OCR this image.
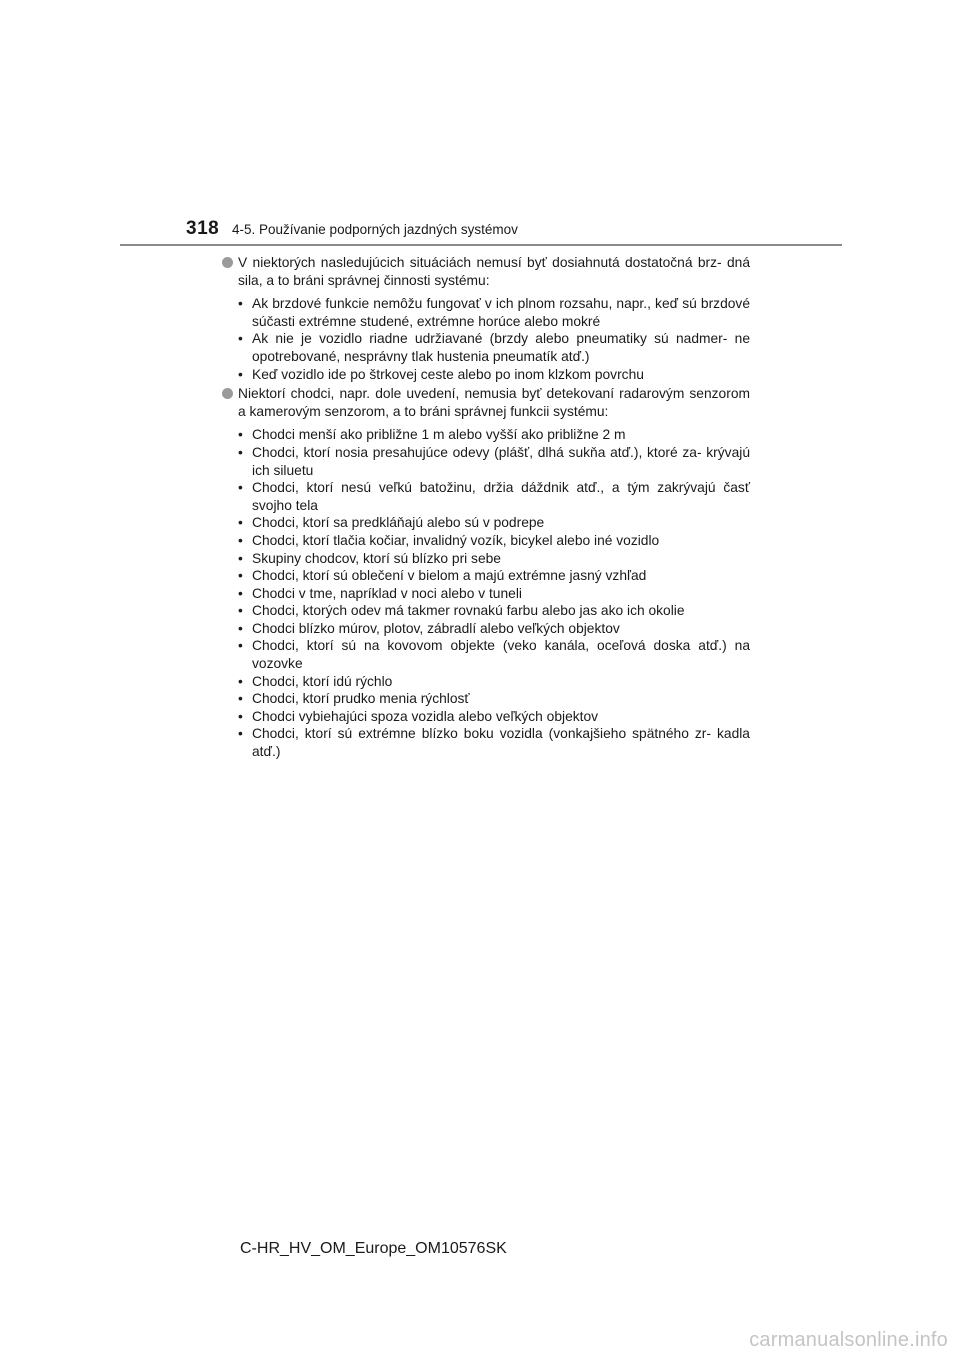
318 4-5. Používanie podporných jazdných systémov
V niektorých nasledujúcich situáciách nemusí byť dosiahnutá dostatočná brz- dná sila, a to bráni správnej činnosti systému:
• Ak brzdové funkcie nemôžu fungovať v ich plnom rozsahu, napr., keď sú brzdové súčasti extrémne studené, extrémne horúce alebo mokré
• Ak nie je vozidlo riadne udržiavané (brzdy alebo pneumatiky sú nadmer- ne opotrebované, nesprávny tlak hustenia pneumatík atď.)
• Keď vozidlo ide po štrkovej ceste alebo po inom klzkom povrchu
Niektorí chodci, napr. dole uvedení, nemusia byť detekovaní radarovým senzorom a kamerovým senzorom, a to bráni správnej funkcii systému:
• Chodci menší ako približne 1 m alebo vyšší ako približne 2 m
• Chodci, ktorí nosia presahujúce odevy (plášť, dlhá sukňa atď.), ktoré za- krývajú ich siluetu
• Chodci, ktorí nesú veľkú batožinu, držia dáždnik atď., a tým zakrývajú časť svojho tela
• Chodci, ktorí sa predkláňajú alebo sú v podrepe
• Chodci, ktorí tlačia kočiar, invalidný vozík, bicykel alebo iné vozidlo
• Skupiny chodcov, ktorí sú blízko pri sebe
• Chodci, ktorí sú oblečení v bielom a majú extrémne jasný vzhľad
• Chodci v tme, napríklad v noci alebo v tuneli
• Chodci, ktorých odev má takmer rovnakú farbu alebo jas ako ich okolie
• Chodci blízko múrov, plotov, zábradlí alebo veľkých objektov
• Chodci, ktorí sú na kovovom objekte (veko kanála, oceľová doska atď.) na vozovke
• Chodci, ktorí idú rýchlo
• Chodci, ktorí prudko menia rýchlosť
• Chodci vybiehajúci spoza vozidla alebo veľkých objektov
• Chodci, ktorí sú extrémne blízko boku vozidla (vonkajšieho spätného zr- kadla atď.)
C-HR_HV_OM_Europe_OM10576SK
carmanualsonline.info
